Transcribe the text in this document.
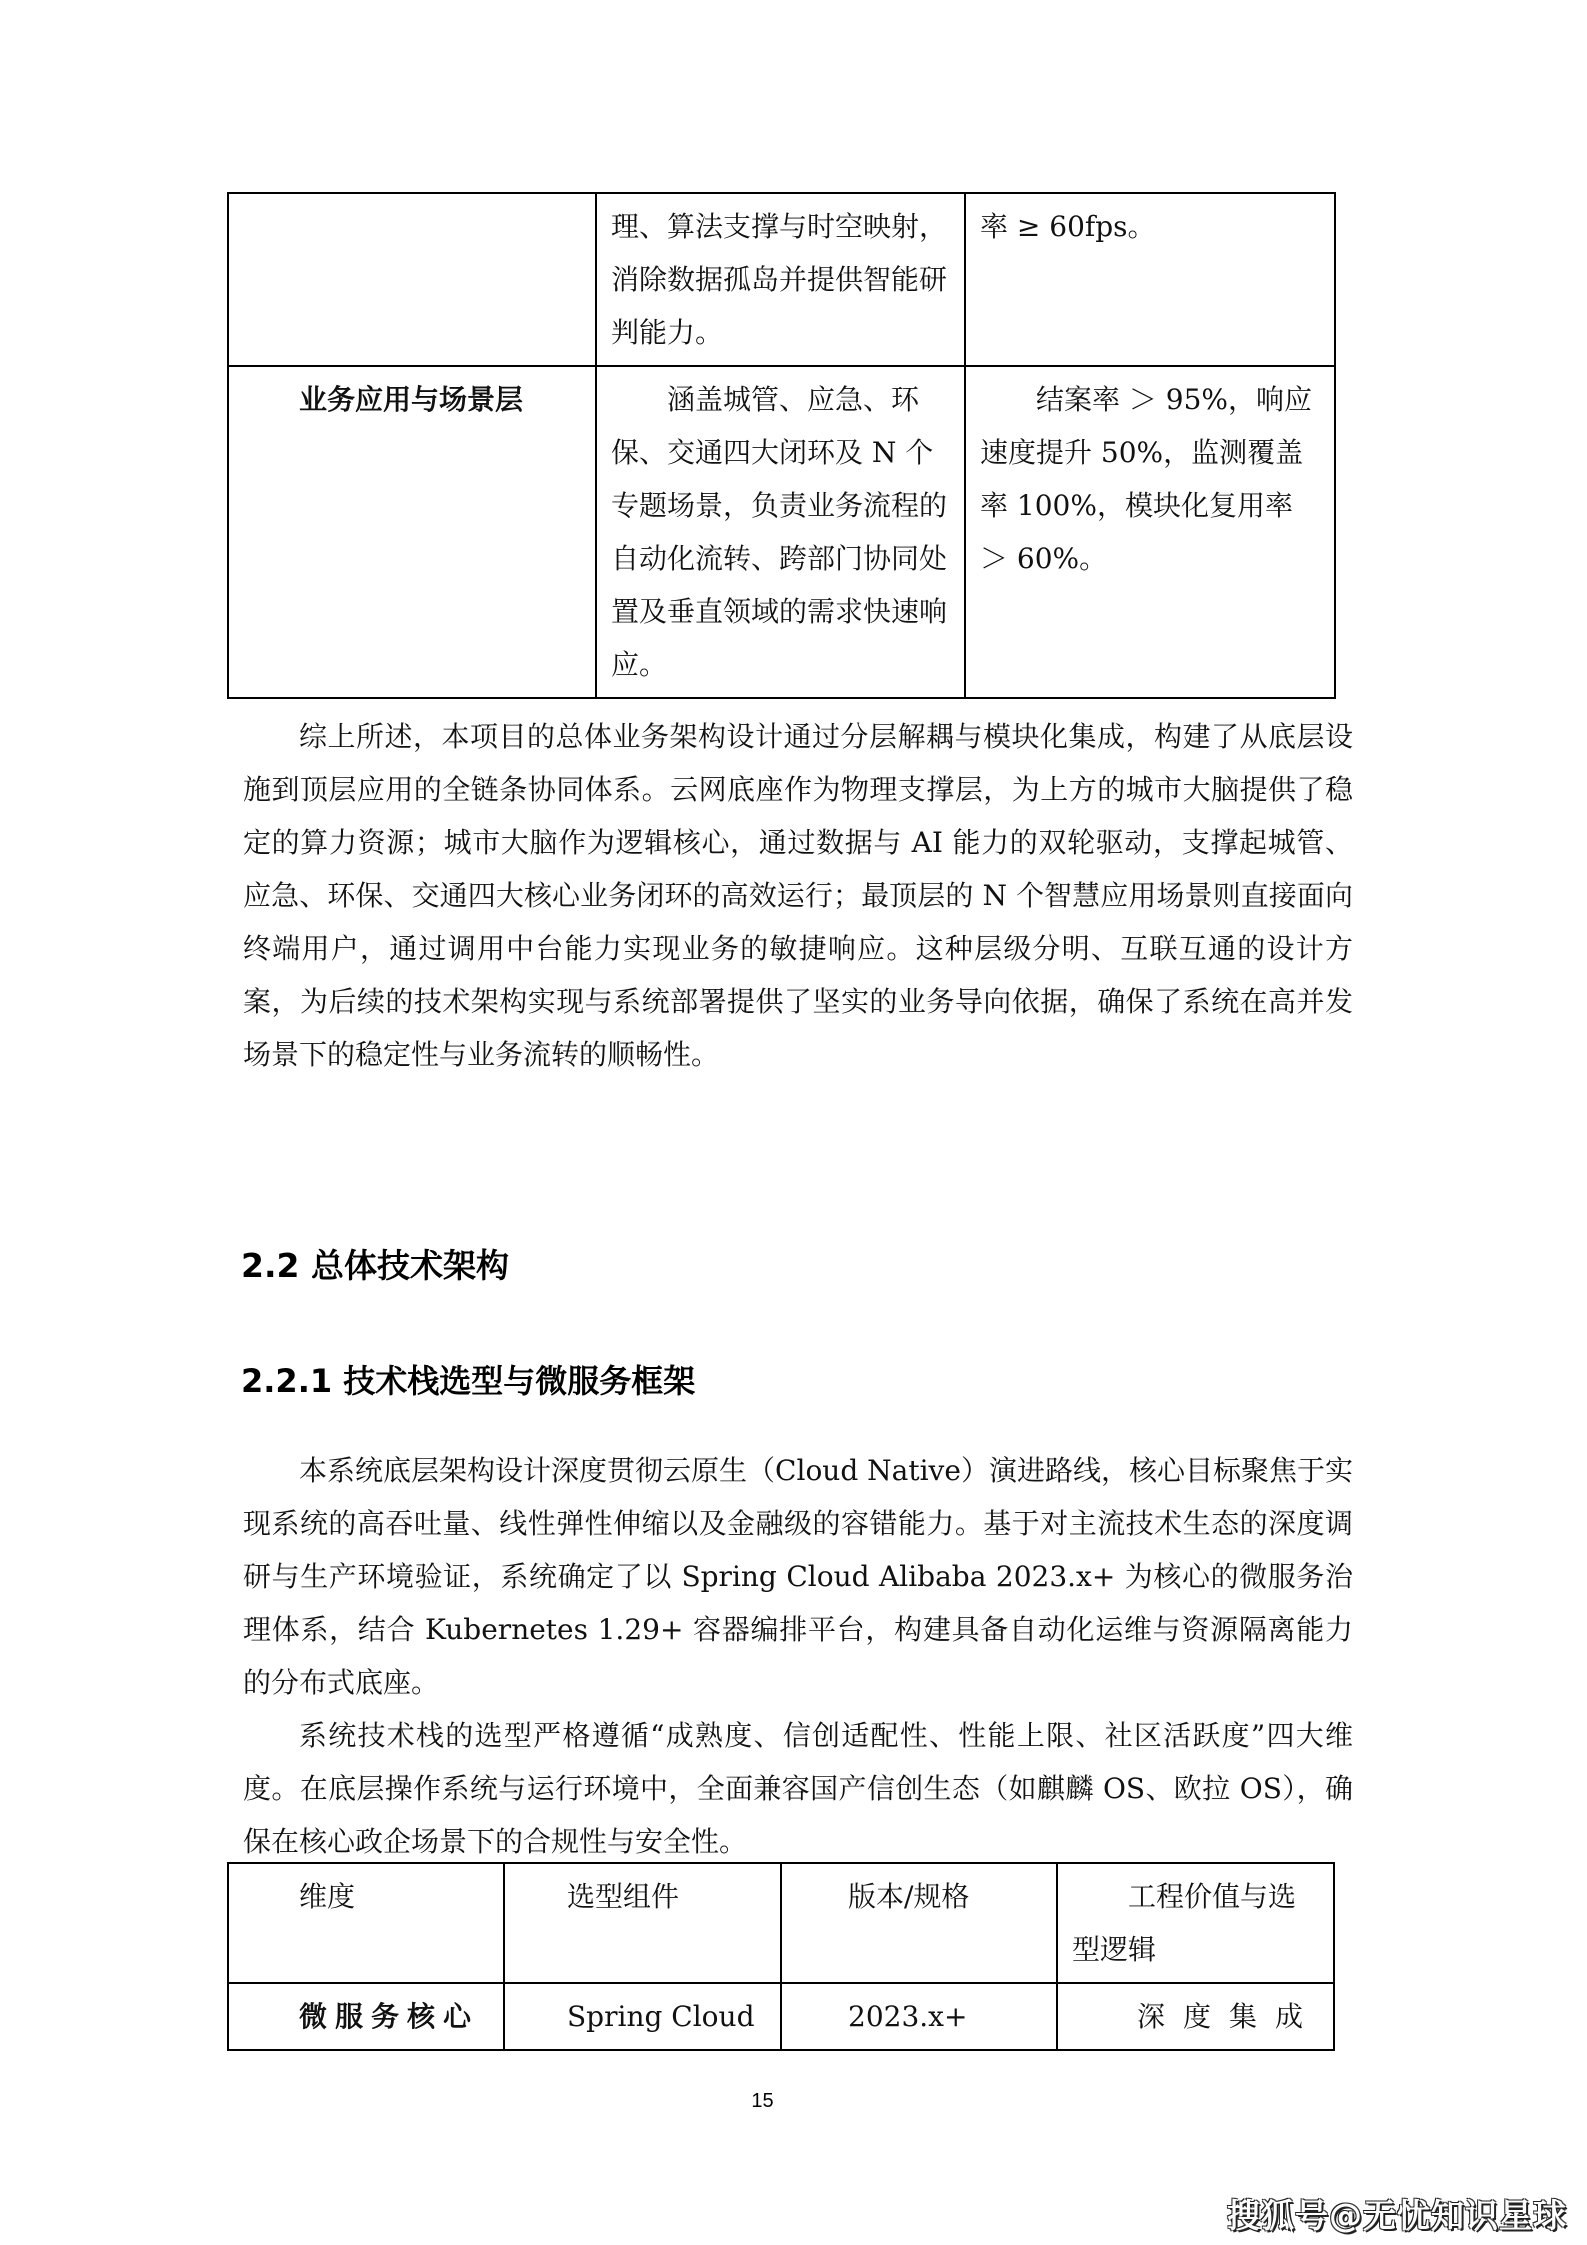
	理、算法支撑与时空映射，消除数据孤岛并提供智能研判能力。	率 ≥ 60fps。
业务应用与场景层	涵盖城管、应急、环保、交通四大闭环及 N 个专题场景，负责业务流程的自动化流转、跨部门协同处置及垂直领域的需求快速响应。	结案率 ＞ 95%，响应速度提升 50%，监测覆盖率 100%，模块化复用率 ＞ 60%。

综上所述，本项目的总体业务架构设计通过分层解耦与模块化集成，构建了从底层设施到顶层应用的全链条协同体系。云网底座作为物理支撑层，为上方的城市大脑提供了稳定的算力资源；城市大脑作为逻辑核心，通过数据与 AI 能力的双轮驱动，支撑起城管、应急、环保、交通四大核心业务闭环的高效运行；最顶层的 N 个智慧应用场景则直接面向终端用户，通过调用中台能力实现业务的敏捷响应。这种层级分明、互联互通的设计方案，为后续的技术架构实现与系统部署提供了坚实的业务导向依据，确保了系统在高并发场景下的稳定性与业务流转的顺畅性。

2.2 总体技术架构
2.2.1 技术栈选型与微服务框架

本系统底层架构设计深度贯彻云原生（Cloud Native）演进路线，核心目标聚焦于实现系统的高吞吐量、线性弹性伸缩以及金融级的容错能力。基于对主流技术生态的深度调研与生产环境验证，系统确定了以 Spring Cloud Alibaba 2023.x+ 为核心的微服务治理体系，结合 Kubernetes 1.29+ 容器编排平台，构建具备自动化运维与资源隔离能力的分布式底座。

系统技术栈的选型严格遵循“成熟度、信创适配性、性能上限、社区活跃度”四大维度。在底层操作系统与运行环境中，全面兼容国产信创生态（如麒麟 OS、欧拉 OS），确保在核心政企场景下的合规性与安全性。

维度	选型组件	版本/规格	工程价值与选型逻辑
微服务核心	Spring Cloud	2023.x+	深度集成
15
搜狐号@无忧知识星球
